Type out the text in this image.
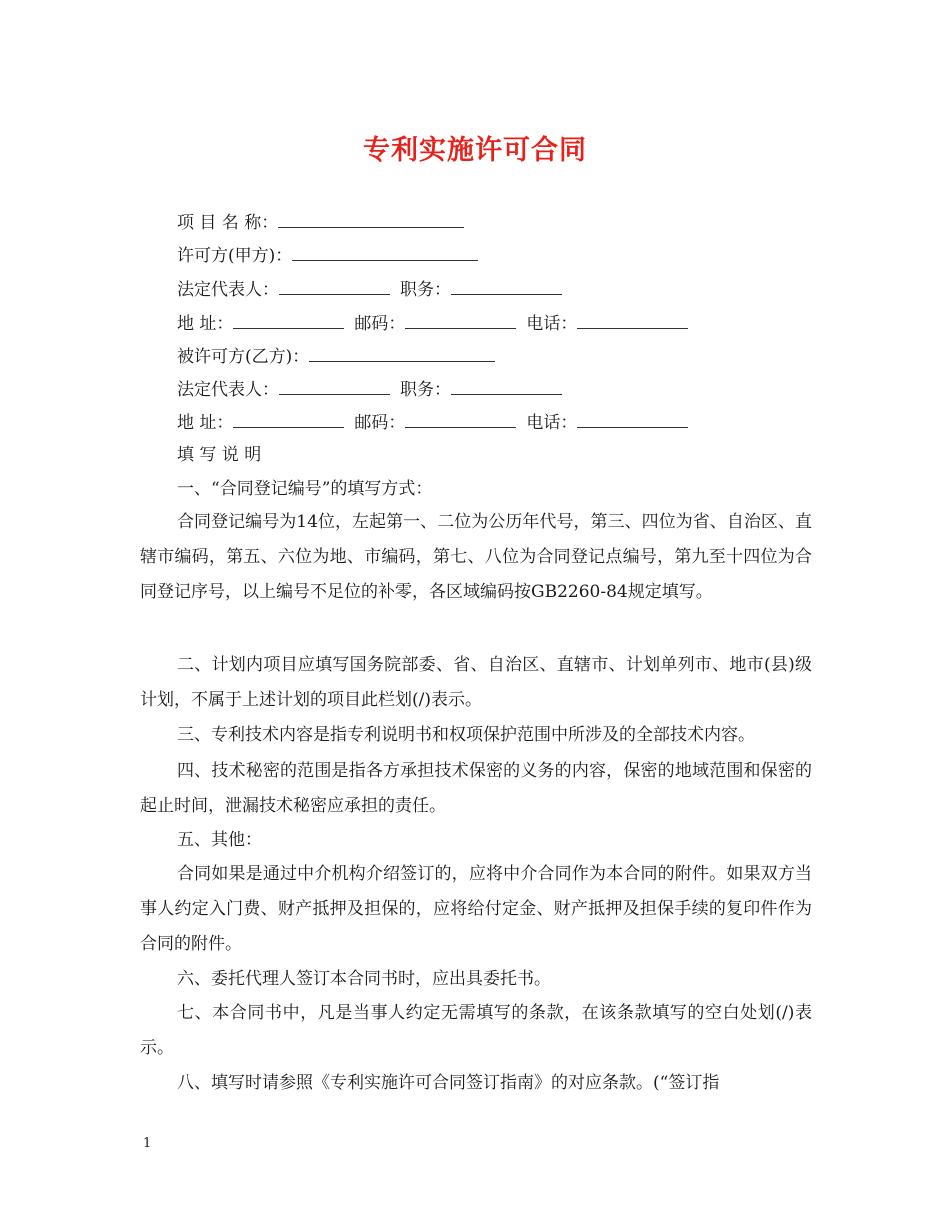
专利实施许可合同
项 目 名 称：
许可方(甲方)：
法定代表人：	职务：
地 址：	邮码：	电话：
被许可方(乙方)：
法定代表人：	职务：
地 址：	邮码：	电话：
填 写 说 明
一、“合同登记编号”的填写方式：
合同登记编号为14位，左起第一、二位为公历年代号，第三、四位为省、自治区、直辖市编码，第五、六位为地、市编码，第七、八位为合同登记点编号，第九至十四位为合同登记序号，以上编号不足位的补零，各区域编码按GB2260-84规定填写。
二、计划内项目应填写国务院部委、省、自治区、直辖市、计划单列市、地市(县)级计划，不属于上述计划的项目此栏划(/)表示。
三、专利技术内容是指专利说明书和权项保护范围中所涉及的全部技术内容。
四、技术秘密的范围是指各方承担技术保密的义务的内容，保密的地域范围和保密的起止时间，泄漏技术秘密应承担的责任。
五、其他：
合同如果是通过中介机构介绍签订的，应将中介合同作为本合同的附件。如果双方当事人约定入门费、财产抵押及担保的，应将给付定金、财产抵押及担保手续的复印件作为合同的附件。
六、委托代理人签订本合同书时，应出具委托书。
七、本合同书中，凡是当事人约定无需填写的条款，在该条款填写的空白处划(/)表示。
八、填写时请参照《专利实施许可合同签订指南》的对应条款。(“签订指
1
